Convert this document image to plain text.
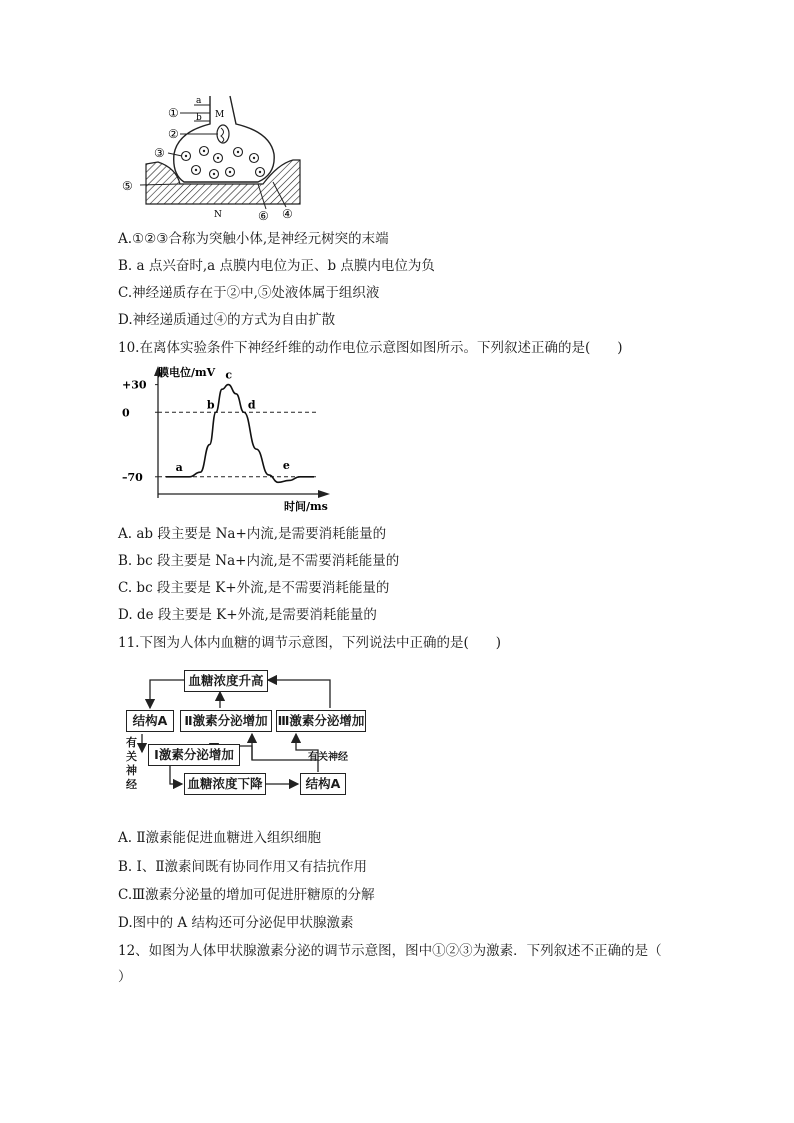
①
a
b M
②
③
⑤
N	⑥ ④
A.①②③合称为突触小体,是神经元树突的末端
B. a 点兴奋时,a 点膜内电位为正、b 点膜内电位为负
C.神经递质存在于②中,⑤处液体属于组织液
D.神经递质通过④的方式为自由扩散
10.在离体实验条件下神经纤维的动作电位示意图如图所示。下列叙述正确的是(　　)
膜电位/mV
时间/ms
+30
0
–70
a
b
c
d
e
A. ab 段主要是 Na+内流,是需要消耗能量的
B. bc 段主要是 Na+内流,是不需要消耗能量的
C. bc 段主要是 K+外流,是不需要消耗能量的
D. de 段主要是 K+外流,是需要消耗能量的
11.下图为人体内血糖的调节示意图，下列说法中正确的是(　　)
血糖浓度升高
结构A	Ⅱ激素分泌增加 Ⅲ激素分泌增加
Ⅰ激素分泌增加
血糖浓度下降	结构A
有
关
神
经
有关神经
A. Ⅱ激素能促进血糖进入组织细胞
B. Ⅰ、Ⅱ激素间既有协同作用又有拮抗作用
C.Ⅲ激素分泌量的增加可促进肝糖原的分解
D.图中的 A 结构还可分泌促甲状腺激素
12、如图为人体甲状腺激素分泌的调节示意图，图中①②③为激素．下列叙述不正确的是（
）
